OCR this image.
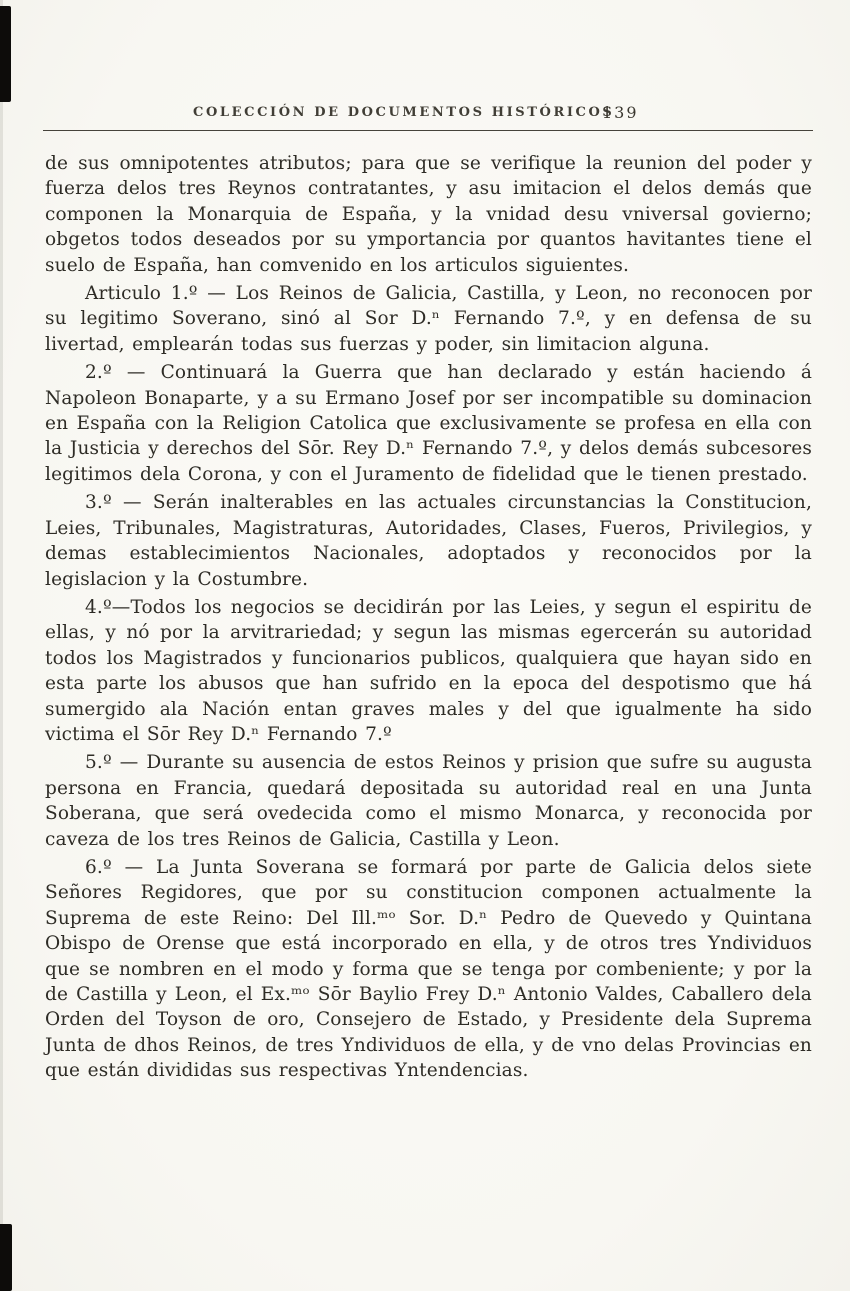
COLECCIÓN DE DOCUMENTOS HISTÓRICOS
139

de sus omnipotentes atributos; para que se verifique la reunion del poder y fuerza delos tres Reynos contratantes, y asu imitacion el delos demás que componen la Monarquia de España, y la vnidad desu vniversal govierno; obgetos todos deseados por su ymportancia por quantos havitantes tiene el suelo de España, han comvenido en los articulos siguientes.

Articulo 1.º — Los Reinos de Galicia, Castilla, y Leon, no reconocen por su legitimo Soverano, sinó al Sor D.ⁿ Fernando 7.º, y en defensa de su livertad, emplearán todas sus fuerzas y poder, sin limitacion alguna.

2.º — Continuará la Guerra que han declarado y están haciendo á Napoleon Bonaparte, y a su Ermano Josef por ser incompatible su dominacion en España con la Religion Catolica que exclusivamente se profesa en ella con la Justicia y derechos del Sōr. Rey D.ⁿ Fernando 7.º, y delos demás subcesores legitimos dela Corona, y con el Juramento de fidelidad que le tienen prestado.

3.º — Serán inalterables en las actuales circunstancias la Constitucion, Leies, Tribunales, Magistraturas, Autoridades, Clases, Fueros, Privilegios, y demas establecimientos Nacionales, adoptados y reconocidos por la legislacion y la Costumbre.

4.º—Todos los negocios se decidirán por las Leies, y segun el espiritu de ellas, y nó por la arvitrariedad; y segun las mismas egercerán su autoridad todos los Magistrados y funcionarios publicos, qualquiera que hayan sido en esta parte los abusos que han sufrido en la epoca del despotismo que há sumergido ala Nación entan graves males y del que igualmente ha sido victima el Sōr Rey D.ⁿ Fernando 7.º

5.º — Durante su ausencia de estos Reinos y prision que sufre su augusta persona en Francia, quedará depositada su autoridad real en una Junta Soberana, que será ovedecida como el mismo Monarca, y reconocida por caveza de los tres Reinos de Galicia, Castilla y Leon.

6.º — La Junta Soverana se formará por parte de Galicia delos siete Señores Regidores, que por su constitucion componen actualmente la Suprema de este Reino: Del Ill.ᵐᵒ Sor. D.ⁿ Pedro de Quevedo y Quintana Obispo de Orense que está incorporado en ella, y de otros tres Yndividuos que se nombren en el modo y forma que se tenga por combeniente; y por la de Castilla y Leon, el Ex.ᵐᵒ Sōr Baylio Frey D.ⁿ Antonio Valdes, Caballero dela Orden del Toyson de oro, Consejero de Estado, y Presidente dela Suprema Junta de dhos Reinos, de tres Yndividuos de ella, y de vno delas Provincias en que están divididas sus respectivas Yntendencias.
